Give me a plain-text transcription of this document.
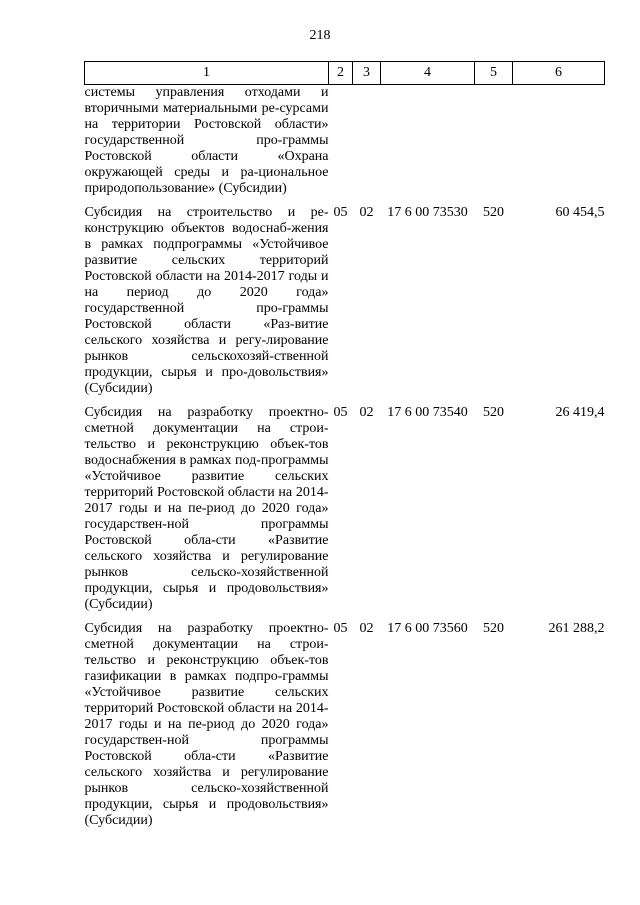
218
1	2	3	4	5	6
системы управления отходами и вторичными материальными ре-сурсами на территории Ростовской области» государственной про-граммы Ростовской области «Охрана окружающей среды и ра-циональное природопользование» (Субсидии)					
Субсидия на строительство и ре-конструкцию объектов водоснаб-жения в рамках подпрограммы «Устойчивое развитие сельских территорий Ростовской области на 2014-2017 годы и на период до 2020 года» государственной про-граммы Ростовской области «Раз-витие сельского хозяйства и регу-лирование рынков сельскохозяй-ственной продукции, сырья и про-довольствия» (Субсидии)	05	02	17 6 00 73530	520	60 454,5
Субсидия на разработку проектно-сметной документации на строи-тельство и реконструкцию объек-тов водоснабжения в рамках под-программы «Устойчивое развитие сельских территорий Ростовской области на 2014-2017 годы и на пе-риод до 2020 года» государствен-ной программы Ростовской обла-сти «Развитие сельского хозяйства и регулирование рынков сельско-хозяйственной продукции, сырья и продовольствия» (Субсидии)	05	02	17 6 00 73540	520	26 419,4
Субсидия на разработку проектно-сметной документации на строи-тельство и реконструкцию объек-тов газификации в рамках подпро-граммы «Устойчивое развитие сельских территорий Ростовской области на 2014-2017 годы и на пе-риод до 2020 года» государствен-ной программы Ростовской обла-сти «Развитие сельского хозяйства и регулирование рынков сельско-хозяйственной продукции, сырья и продовольствия» (Субсидии)	05	02	17 6 00 73560	520	261 288,2
